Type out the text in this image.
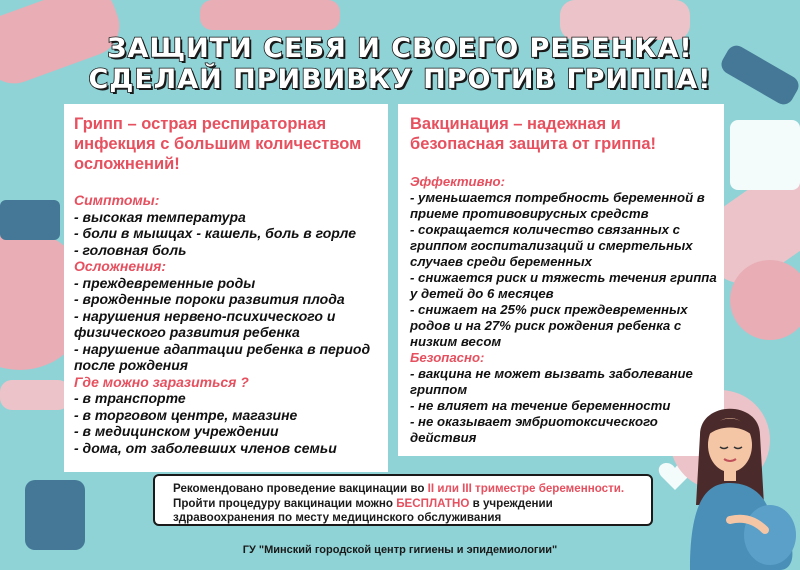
ЗАЩИТИ СЕБЯ И СВОЕГО РЕБЕНКА!
СДЕЛАЙ ПРИВИВКУ ПРОТИВ ГРИППА!
Грипп – острая респираторная инфекция с большим количеством осложнений!
Симптомы:
- высокая температура
- боли в мышцах - кашель, боль в горле
- головная боль
Осложнения:
- преждевременные роды
- врожденные пороки развития плода
- нарушения нервено-психического и физического развития ребенка
- нарушение адаптации ребенка в период после рождения
Где можно заразиться ?
- в транспорте
- в торговом центре, магазине
- в медицинском учреждении
- дома, от заболевших членов семьи
Вакцинация – надежная и безопасная защита от гриппа!
Эффективно:
- уменьшается потребность беременной в приеме противовирусных средств
- сокращается количество связанных с гриппом госпитализаций и смертельных случаев среди беременных
- снижается риск и тяжесть течения гриппа у детей до 6 месяцев
- снижает на 25% риск преждевременных родов и на 27% риск рождения ребенка с низким весом
Безопасно:
- вакцина не может вызвать заболевание гриппом
- не влияет на течение беременности
- не оказывает эмбриотоксического действия

Рекомендовано проведение вакцинации во II или III триместре беременности. Пройти процедуру вакцинации можно БЕСПЛАТНО в учреждении здравоохранения по месту медицинского обслуживания

ГУ "Минский городской центр гигиены и эпидемиологии"
